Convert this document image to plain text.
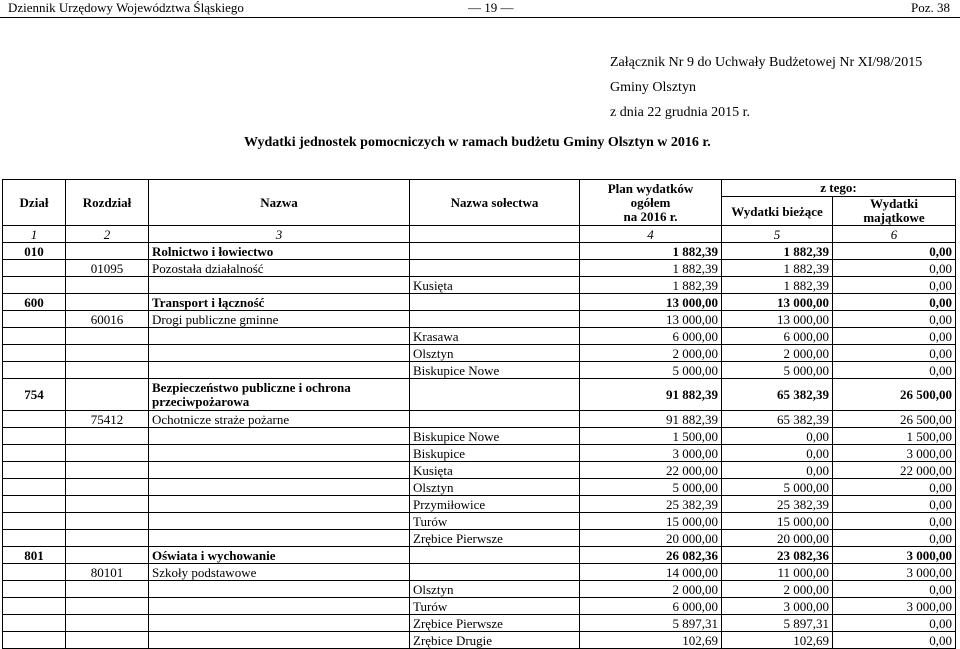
Dziennik Urzędowy Województwa Śląskiego	— 19 —	Poz. 38
Załącznik Nr 9 do Uchwały Budżetowej Nr XI/98/2015
Gminy Olsztyn
z dnia 22 grudnia 2015 r.
Wydatki jednostek pomocniczych w ramach budżetu Gminy Olsztyn w 2016 r.
Dział	Rozdział	Nazwa	Nazwa sołectwa	Plan wydatków
ogółem
na 2016 r.	z tego:	
					Wydatki bieżące	Wydatki
majątkowe
1	2	3		4	5	6
010		Rolnictwo i łowiectwo		1 882,39	1 882,39	0,00
	01095	Pozostała działalność		1 882,39	1 882,39	0,00
			Kusięta	1 882,39	1 882,39	0,00
600		Transport i łączność		13 000,00	13 000,00	0,00
	60016	Drogi publiczne gminne		13 000,00	13 000,00	0,00
			Krasawa	6 000,00	6 000,00	0,00
			Olsztyn	2 000,00	2 000,00	0,00
			Biskupice Nowe	5 000,00	5 000,00	0,00
754		Bezpieczeństwo publiczne i ochrona przeciwpożarowa		91 882,39	65 382,39	26 500,00
	75412	Ochotnicze straże pożarne		91 882,39	65 382,39	26 500,00
			Biskupice Nowe	1 500,00	0,00	1 500,00
			Biskupice	3 000,00	0,00	3 000,00
			Kusięta	22 000,00	0,00	22 000,00
			Olsztyn	5 000,00	5 000,00	0,00
			Przymiłowice	25 382,39	25 382,39	0,00
			Turów	15 000,00	15 000,00	0,00
			Zrębice Pierwsze	20 000,00	20 000,00	0,00
801		Oświata i wychowanie		26 082,36	23 082,36	3 000,00
	80101	Szkoły podstawowe		14 000,00	11 000,00	3 000,00
			Olsztyn	2 000,00	2 000,00	0,00
			Turów	6 000,00	3 000,00	3 000,00
			Zrębice Pierwsze	5 897,31	5 897,31	0,00
			Zrębice Drugie	102,69	102,69	0,00
